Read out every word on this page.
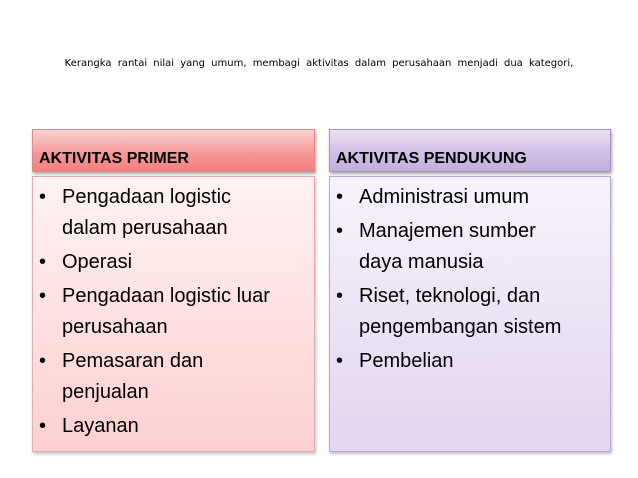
Kerangka rantai nilai yang umum, membagi aktivitas dalam perusahaan menjadi dua kategori,
AKTIVITAS PRIMER
• Pengadaan logistic
dalam perusahaan
• Operasi
• Pengadaan logistic luar
perusahaan
• Pemasaran dan
penjualan
• Layanan
AKTIVITAS PENDUKUNG
• Administrasi umum
• Manajemen sumber
daya manusia
• Riset, teknologi, dan
pengembangan sistem
• Pembelian
